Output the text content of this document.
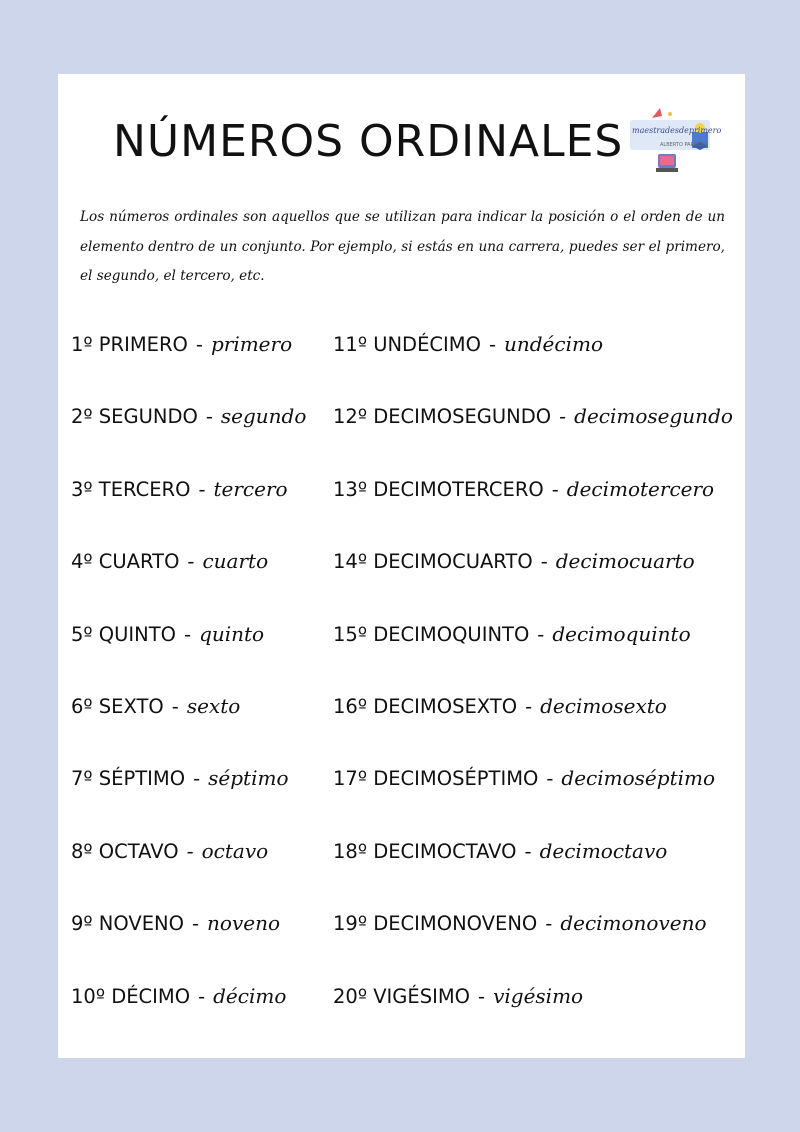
NÚMEROS ORDINALES maestradesdeprimero
ALBERTO PAREDES
Los números ordinales son aquellos que se utilizan para indicar la posición o el orden de un elemento dentro de un conjunto. Por ejemplo, si estás en una carrera, puedes ser el primero, el segundo, el tercero, etc.
1º PRIMERO - primero
2º SEGUNDO - segundo
3º TERCERO - tercero
4º CUARTO - cuarto
5º QUINTO - quinto
6º SEXTO - sexto
7º SÉPTIMO - séptimo
8º OCTAVO - octavo
9º NOVENO - noveno
10º DÉCIMO - décimo
11º UNDÉCIMO - undécimo
12º DECIMOSEGUNDO - decimosegundo
13º DECIMOTERCERO - decimotercero
14º DECIMOCUARTO - decimocuarto
15º DECIMOQUINTO - decimoquinto
16º DECIMOSEXTO - decimosexto
17º DECIMOSÉPTIMO - decimoséptimo
18º DECIMOCTAVO - decimoctavo
19º DECIMONOVENO - decimonoveno
20º VIGÉSIMO - vigésimo
